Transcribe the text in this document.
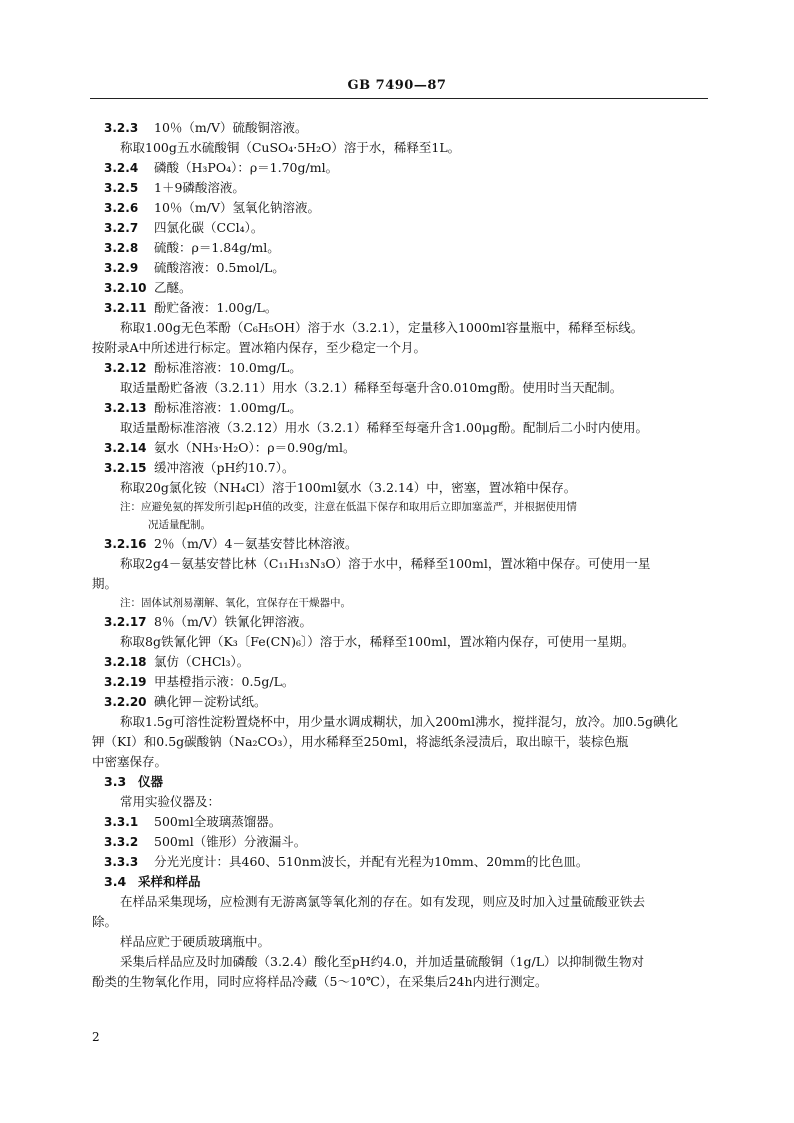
GB 7490—87
3.2.3 10％（m/V）硫酸铜溶液。
称取100g五水硫酸铜（CuSO₄·5H₂O）溶于水，稀释至1L。
3.2.4 磷酸（H₃PO₄）：ρ＝1.70g/ml。
3.2.5 1＋9磷酸溶液。
3.2.6 10％（m/V）氢氧化钠溶液。
3.2.7 四氯化碳（CCl₄）。
3.2.8 硫酸：ρ＝1.84g/ml。
3.2.9 硫酸溶液：0.5mol/L。
3.2.10 乙醚。
3.2.11 酚贮备液：1.00g/L。
称取1.00g无色苯酚（C₆H₅OH）溶于水（3.2.1），定量移入1000ml容量瓶中，稀释至标线。
按附录A中所述进行标定。置冰箱内保存，至少稳定一个月。
3.2.12 酚标准溶液：10.0mg/L。
取适量酚贮备液（3.2.11）用水（3.2.1）稀释至每毫升含0.010mg酚。使用时当天配制。
3.2.13 酚标准溶液：1.00mg/L。
取适量酚标准溶液（3.2.12）用水（3.2.1）稀释至每毫升含1.00μg酚。配制后二小时内使用。
3.2.14 氨水（NH₃·H₂O）：ρ＝0.90g/ml。
3.2.15 缓冲溶液（pH约10.7）。
称取20g氯化铵（NH₄Cl）溶于100ml氨水（3.2.14）中，密塞，置冰箱中保存。
注：应避免氨的挥发所引起pH值的改变，注意在低温下保存和取用后立即加塞盖严，并根据使用情
况适量配制。
3.2.16 2％（m/V）4－氨基安替比林溶液。
称取2g4－氨基安替比林（C₁₁H₁₃N₃O）溶于水中，稀释至100ml，置冰箱中保存。可使用一星
期。
注：固体试剂易潮解、氧化，宜保存在干燥器中。
3.2.17 8％（m/V）铁氰化钾溶液。
称取8g铁氰化钾（K₃〔Fe(CN)₆〕）溶于水，稀释至100ml，置冰箱内保存，可使用一星期。
3.2.18 氯仿（CHCl₃）。
3.2.19 甲基橙指示液：0.5g/L。
3.2.20 碘化钾－淀粉试纸。
称取1.5g可溶性淀粉置烧杯中，用少量水调成糊状，加入200ml沸水，搅拌混匀，放冷。加0.5g碘化
钾（KI）和0.5g碳酸钠（Na₂CO₃），用水稀释至250ml，将滤纸条浸渍后，取出晾干，装棕色瓶
中密塞保存。
3.3 仪器
常用实验仪器及：
3.3.1 500ml全玻璃蒸馏器。
3.3.2 500ml（锥形）分液漏斗。
3.3.3 分光光度计：具460、510nm波长，并配有光程为10mm、20mm的比色皿。
3.4 采样和样品
在样品采集现场，应检测有无游离氯等氧化剂的存在。如有发现，则应及时加入过量硫酸亚铁去
除。
样品应贮于硬质玻璃瓶中。
采集后样品应及时加磷酸（3.2.4）酸化至pH约4.0，并加适量硫酸铜（1g/L）以抑制微生物对
酚类的生物氧化作用，同时应将样品冷藏（5～10℃），在采集后24h内进行测定。
2
